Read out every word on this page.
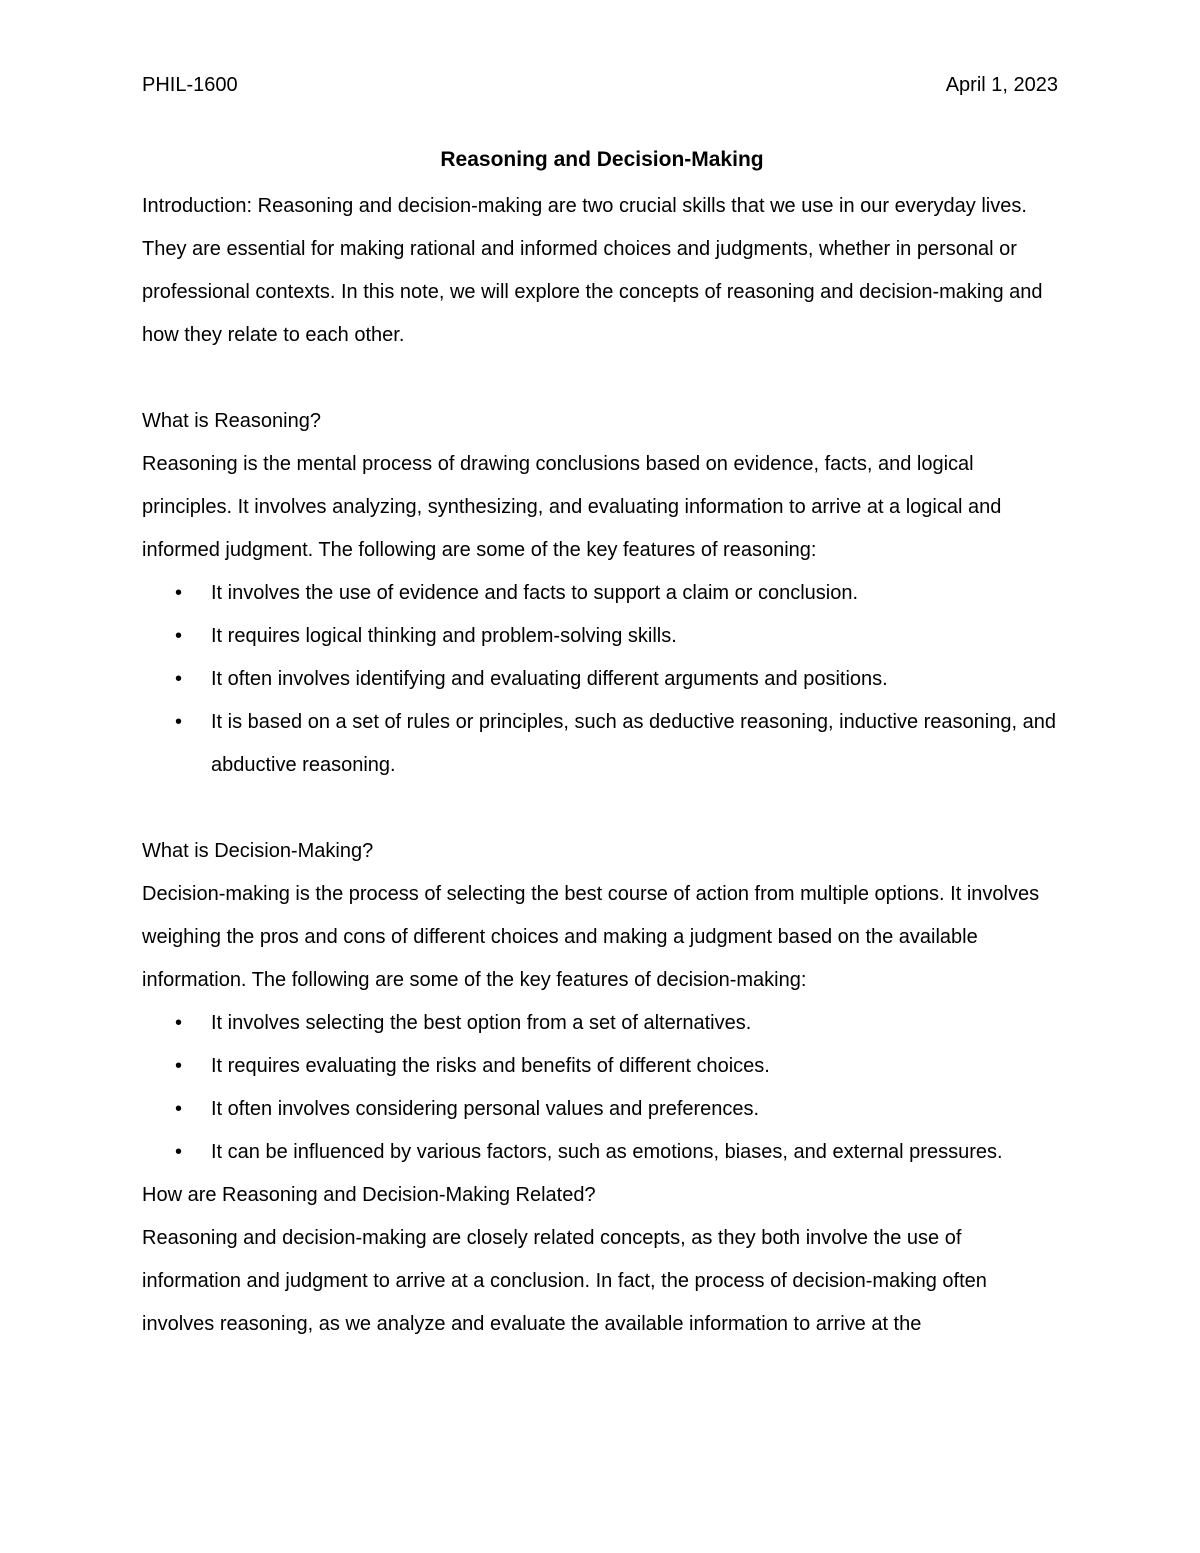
PHIL-1600	April 1, 2023
Reasoning and Decision-Making

Introduction: Reasoning and decision-making are two crucial skills that we use in our everyday lives. They are essential for making rational and informed choices and judgments, whether in personal or professional contexts. In this note, we will explore the concepts of reasoning and decision-making and how they relate to each other.

What is Reasoning?

Reasoning is the mental process of drawing conclusions based on evidence, facts, and logical principles. It involves analyzing, synthesizing, and evaluating information to arrive at a logical and informed judgment. The following are some of the key features of reasoning:

• It involves the use of evidence and facts to support a claim or conclusion.
• It requires logical thinking and problem-solving skills.
• It often involves identifying and evaluating different arguments and positions.
• It is based on a set of rules or principles, such as deductive reasoning, inductive reasoning, and abductive reasoning.

What is Decision-Making?

Decision-making is the process of selecting the best course of action from multiple options. It involves weighing the pros and cons of different choices and making a judgment based on the available information. The following are some of the key features of decision-making:

• It involves selecting the best option from a set of alternatives.
• It requires evaluating the risks and benefits of different choices.
• It often involves considering personal values and preferences.
• It can be influenced by various factors, such as emotions, biases, and external pressures.

How are Reasoning and Decision-Making Related?

Reasoning and decision-making are closely related concepts, as they both involve the use of information and judgment to arrive at a conclusion. In fact, the process of decision-making often involves reasoning, as we analyze and evaluate the available information to arrive at the
